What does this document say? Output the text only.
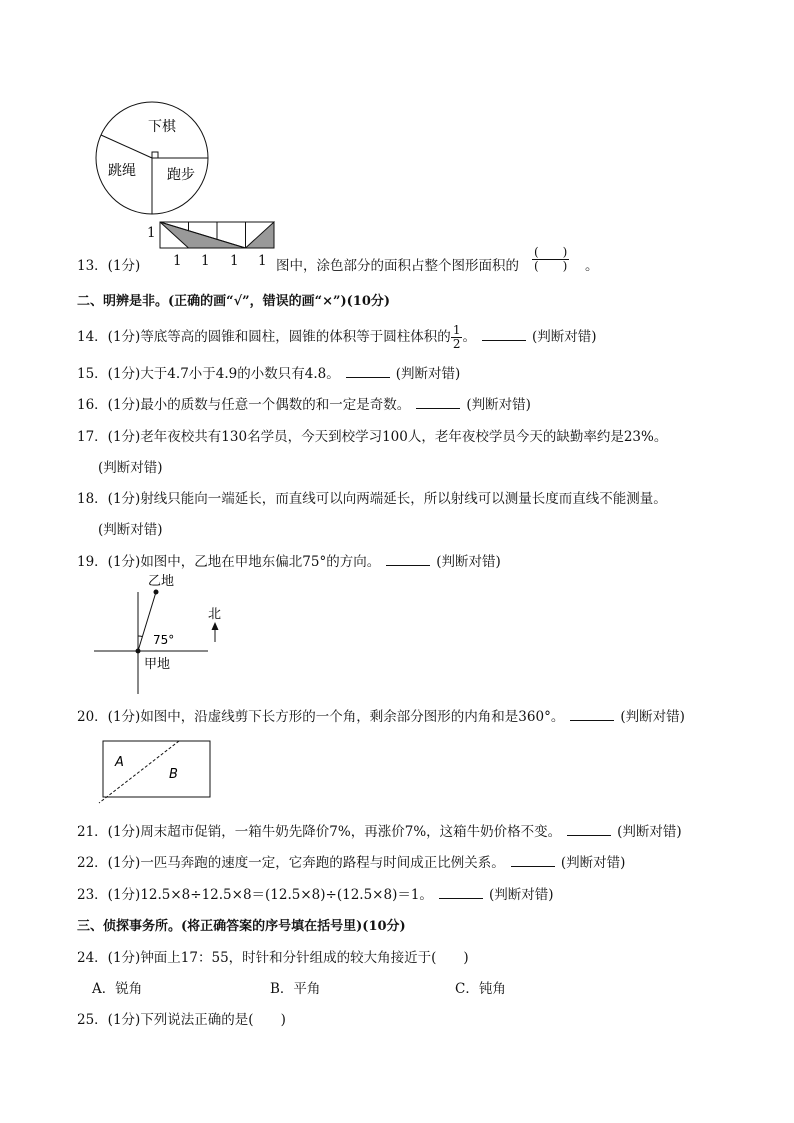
下棋
跳绳 跑步
1
13．(1分) 1 1 1 1 图中，涂色部分的面积占整个图形面积的
(　　)
(　　) 。
二、明辨是非。(正确的画“√”，错误的画“×”)(10分)
14．(1分)等底等高的圆锥和圆柱，圆锥的体积等于圆柱体积的 $\frac{1}{2}$ 。	(判断对错)
15．(1分)大于4.7小于4.9的小数只有4.8。	(判断对错)
16．(1分)最小的质数与任意一个偶数的和一定是奇数。	(判断对错)
17．(1分)老年夜校共有130名学员，今天到校学习100人，老年夜校学员今天的缺勤率约是23%。
(判断对错)
18．(1分)射线只能向一端延长，而直线可以向两端延长，所以射线可以测量长度而直线不能测量。
(判断对错)
19．(1分)如图中，乙地在甲地东偏北75°的方向。	(判断对错)
乙地
75°
甲地
北
20．(1分)如图中，沿虚线剪下长方形的一个角，剩余部分图形的内角和是360°。	(判断对错)
A
B
21．(1分)周末超市促销，一箱牛奶先降价7%，再涨价7%，这箱牛奶价格不变。	(判断对错)
22．(1分)一匹马奔跑的速度一定，它奔跑的路程与时间成正比例关系。	(判断对错)
23．(1分)12.5×8÷12.5×8＝(12.5×8)÷(12.5×8)＝1。	(判断对错)
三、侦探事务所。(将正确答案的序号填在括号里)(10分)
24．(1分)钟面上17：55，时针和分针组成的较大角接近于(　　)
A．锐角	B．平角	C．钝角
25．(1分)下列说法正确的是(　　)
